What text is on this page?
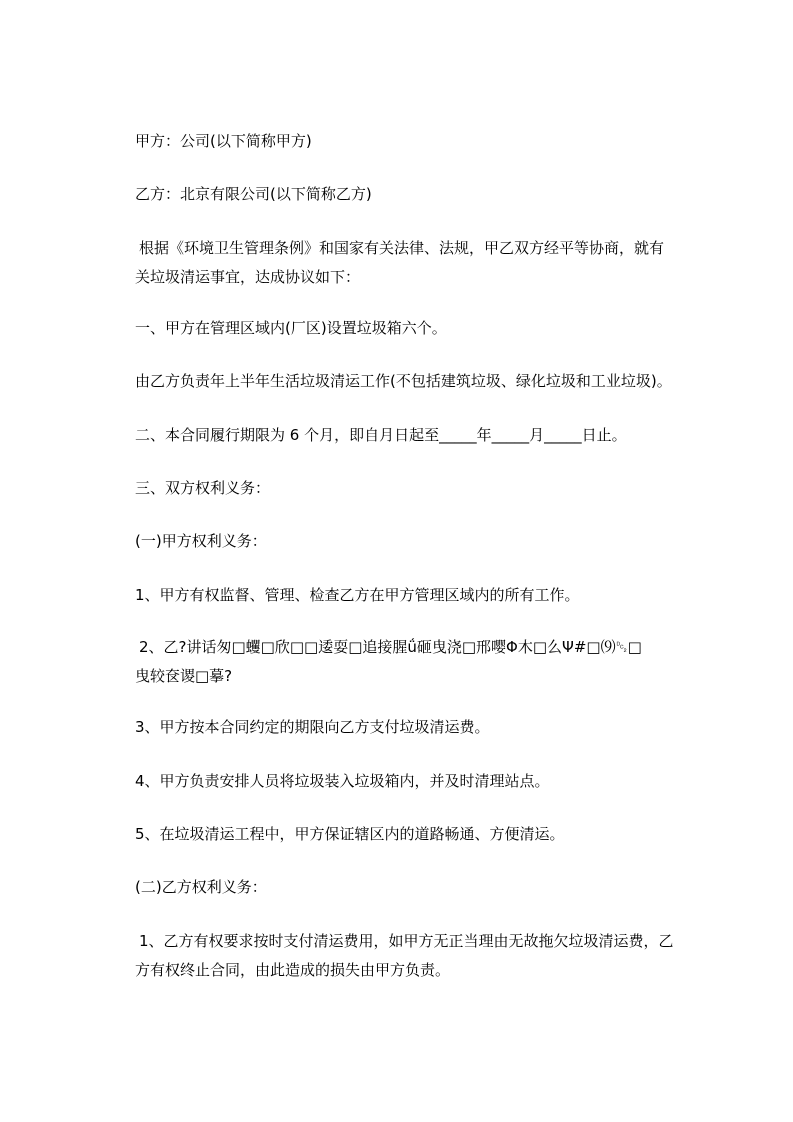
甲方：公司(以下简称甲方)
乙方：北京有限公司(以下简称乙方)
根据《环境卫生管理条例》和国家有关法律、法规，甲乙双方经平等协商，就有
关垃圾清运事宜，达成协议如下：
一、甲方在管理区域内(厂区)设置垃圾箱六个。
由乙方负责年上半年生活垃圾清运工作(不包括建筑垃圾、绿化垃圾和工业垃圾)。
二、本合同履行期限为 6 个月，即自月日起至_____年_____月_____日止。
三、双方权利义务：
(一)甲方权利义务：
1、甲方有权监督、管理、检查乙方在甲方管理区域内的所有工作。
2、乙?讲话匆□蠼□欣□□逶耍□追接腥ǘ砸曳浇□邢嘤Φ木□么Ψ#□⑼␒□
曳较奁谡□摹?
3、甲方按本合同约定的期限向乙方支付垃圾清运费。
4、甲方负责安排人员将垃圾装入垃圾箱内，并及时清理站点。
5、在垃圾清运工程中，甲方保证辖区内的道路畅通、方便清运。
(二)乙方权利义务：
1、乙方有权要求按时支付清运费用，如甲方无正当理由无故拖欠垃圾清运费，乙
方有权终止合同，由此造成的损失由甲方负责。
